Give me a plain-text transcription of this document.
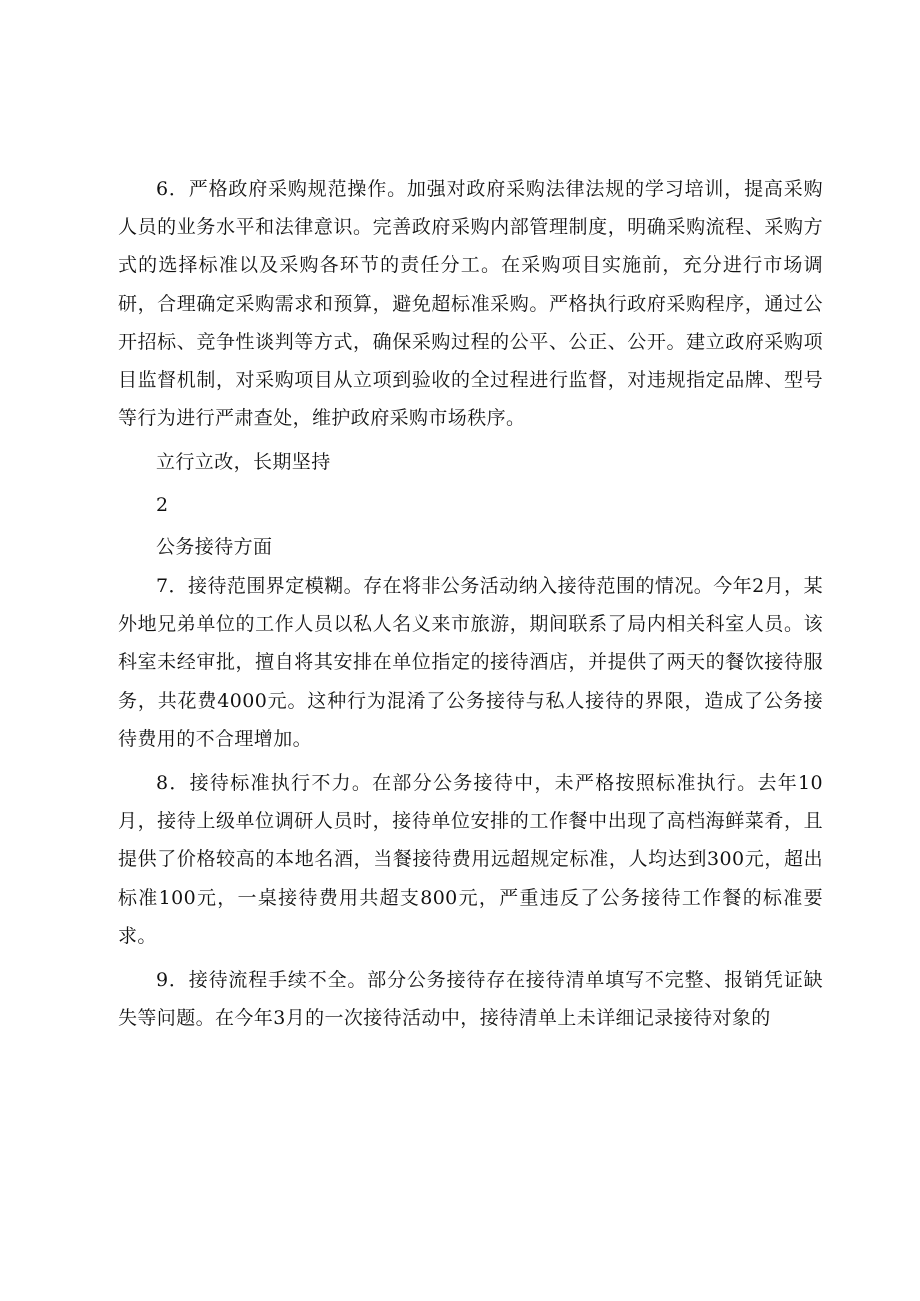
6．严格政府采购规范操作。加强对政府采购法律法规的学习培训，提高采购人员的业务水平和法律意识。完善政府采购内部管理制度，明确采购流程、采购方式的选择标准以及采购各环节的责任分工。在采购项目实施前，充分进行市场调研，合理确定采购需求和预算，避免超标准采购。严格执行政府采购程序，通过公开招标、竞争性谈判等方式，确保采购过程的公平、公正、公开。建立政府采购项目监督机制，对采购项目从立项到验收的全过程进行监督，对违规指定品牌、型号等行为进行严肃查处，维护政府采购市场秩序。

立行立改，长期坚持

2

公务接待方面

7．接待范围界定模糊。存在将非公务活动纳入接待范围的情况。今年2月，某外地兄弟单位的工作人员以私人名义来市旅游，期间联系了局内相关科室人员。该科室未经审批，擅自将其安排在单位指定的接待酒店，并提供了两天的餐饮接待服务，共花费4000元。这种行为混淆了公务接待与私人接待的界限，造成了公务接待费用的不合理增加。

8．接待标准执行不力。在部分公务接待中，未严格按照标准执行。去年10月，接待上级单位调研人员时，接待单位安排的工作餐中出现了高档海鲜菜肴，且提供了价格较高的本地名酒，当餐接待费用远超规定标准，人均达到300元，超出标准100元，一桌接待费用共超支800元，严重违反了公务接待工作餐的标准要求。

9．接待流程手续不全。部分公务接待存在接待清单填写不完整、报销凭证缺失等问题。在今年3月的一次接待活动中，接待清单上未详细记录接待对象的
